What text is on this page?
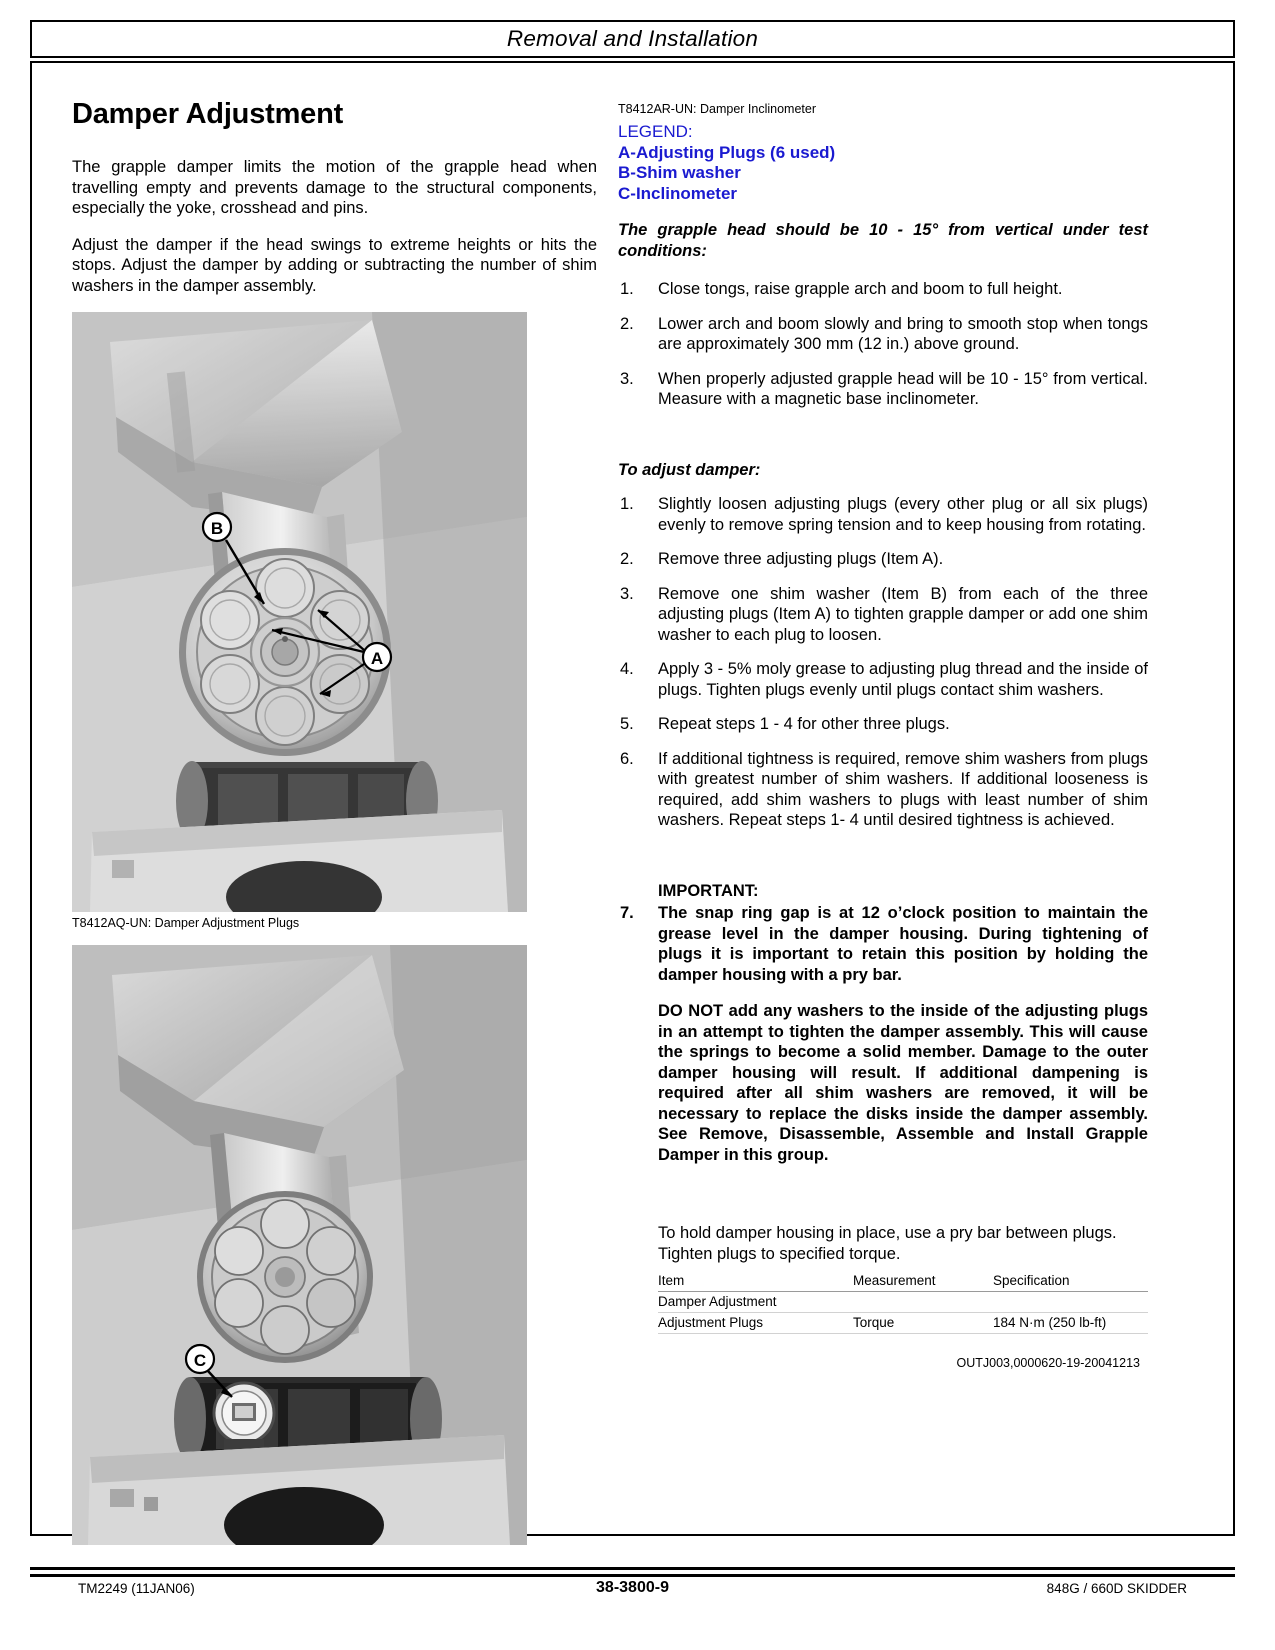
Removal and Installation
Damper Adjustment

The grapple damper limits the motion of the grapple head when travelling empty and prevents damage to the structural components, especially the yoke, crosshead and pins.

Adjust the damper if the head swings to extreme heights or hits the stops. Adjust the damper by adding or subtracting the number of shim washers in the damper assembly.

B
A
T8412AQ-UN: Damper Adjustment Plugs
C
T8412AR-UN: Damper Inclinometer
LEGEND:
A-Adjusting Plugs (6 used)
B-Shim washer
C-Inclinometer

The grapple head should be 10 - 15° from vertical under test conditions:

1.	Close tongs, raise grapple arch and boom to full height.
2.	Lower arch and boom slowly and bring to smooth stop when tongs are approximately 300 mm (12 in.) above ground.
3.	When properly adjusted grapple head will be 10 - 15° from vertical. Measure with a magnetic base inclinometer.

To adjust damper:

1.	Slightly loosen adjusting plugs (every other plug or all six plugs) evenly to remove spring tension and to keep housing from rotating.
2.	Remove three adjusting plugs (Item A).
3.	Remove one shim washer (Item B) from each of the three adjusting plugs (Item A) to tighten grapple damper or add one shim washer to each plug to loosen.
4.	Apply 3 - 5% moly grease to adjusting plug thread and the inside of plugs. Tighten plugs evenly until plugs contact shim washers.
5.	Repeat steps 1 - 4 for other three plugs.
6.	If additional tightness is required, remove shim washers from plugs with greatest number of shim washers. If additional looseness is required, add shim washers to plugs with least number of shim washers. Repeat steps 1- 4 until desired tightness is achieved.
IMPORTANT:
7.	The snap ring gap is at 12 o’clock position to maintain the grease level in the damper housing. During tightening of plugs it is important to retain this position by holding the damper housing with a pry bar.

DO NOT add any washers to the inside of the adjusting plugs in an attempt to tighten the damper assembly. This will cause the springs to become a solid member. Damage to the outer damper housing will result. If additional dampening is required after all shim washers are removed, it will be necessary to replace the disks inside the damper assembly. See Remove, Disassemble, Assemble and Install Grapple Damper in this group.

To hold damper housing in place, use a pry bar between plugs. Tighten plugs to specified torque.

Item	Measurement	Specification
Damper Adjustment		
Adjustment Plugs	Torque	184 N·m (250 lb-ft)
OUTJ003,0000620-19-20041213
38-3800-9
TM2249 (11JAN06)	848G / 660D SKIDDER
